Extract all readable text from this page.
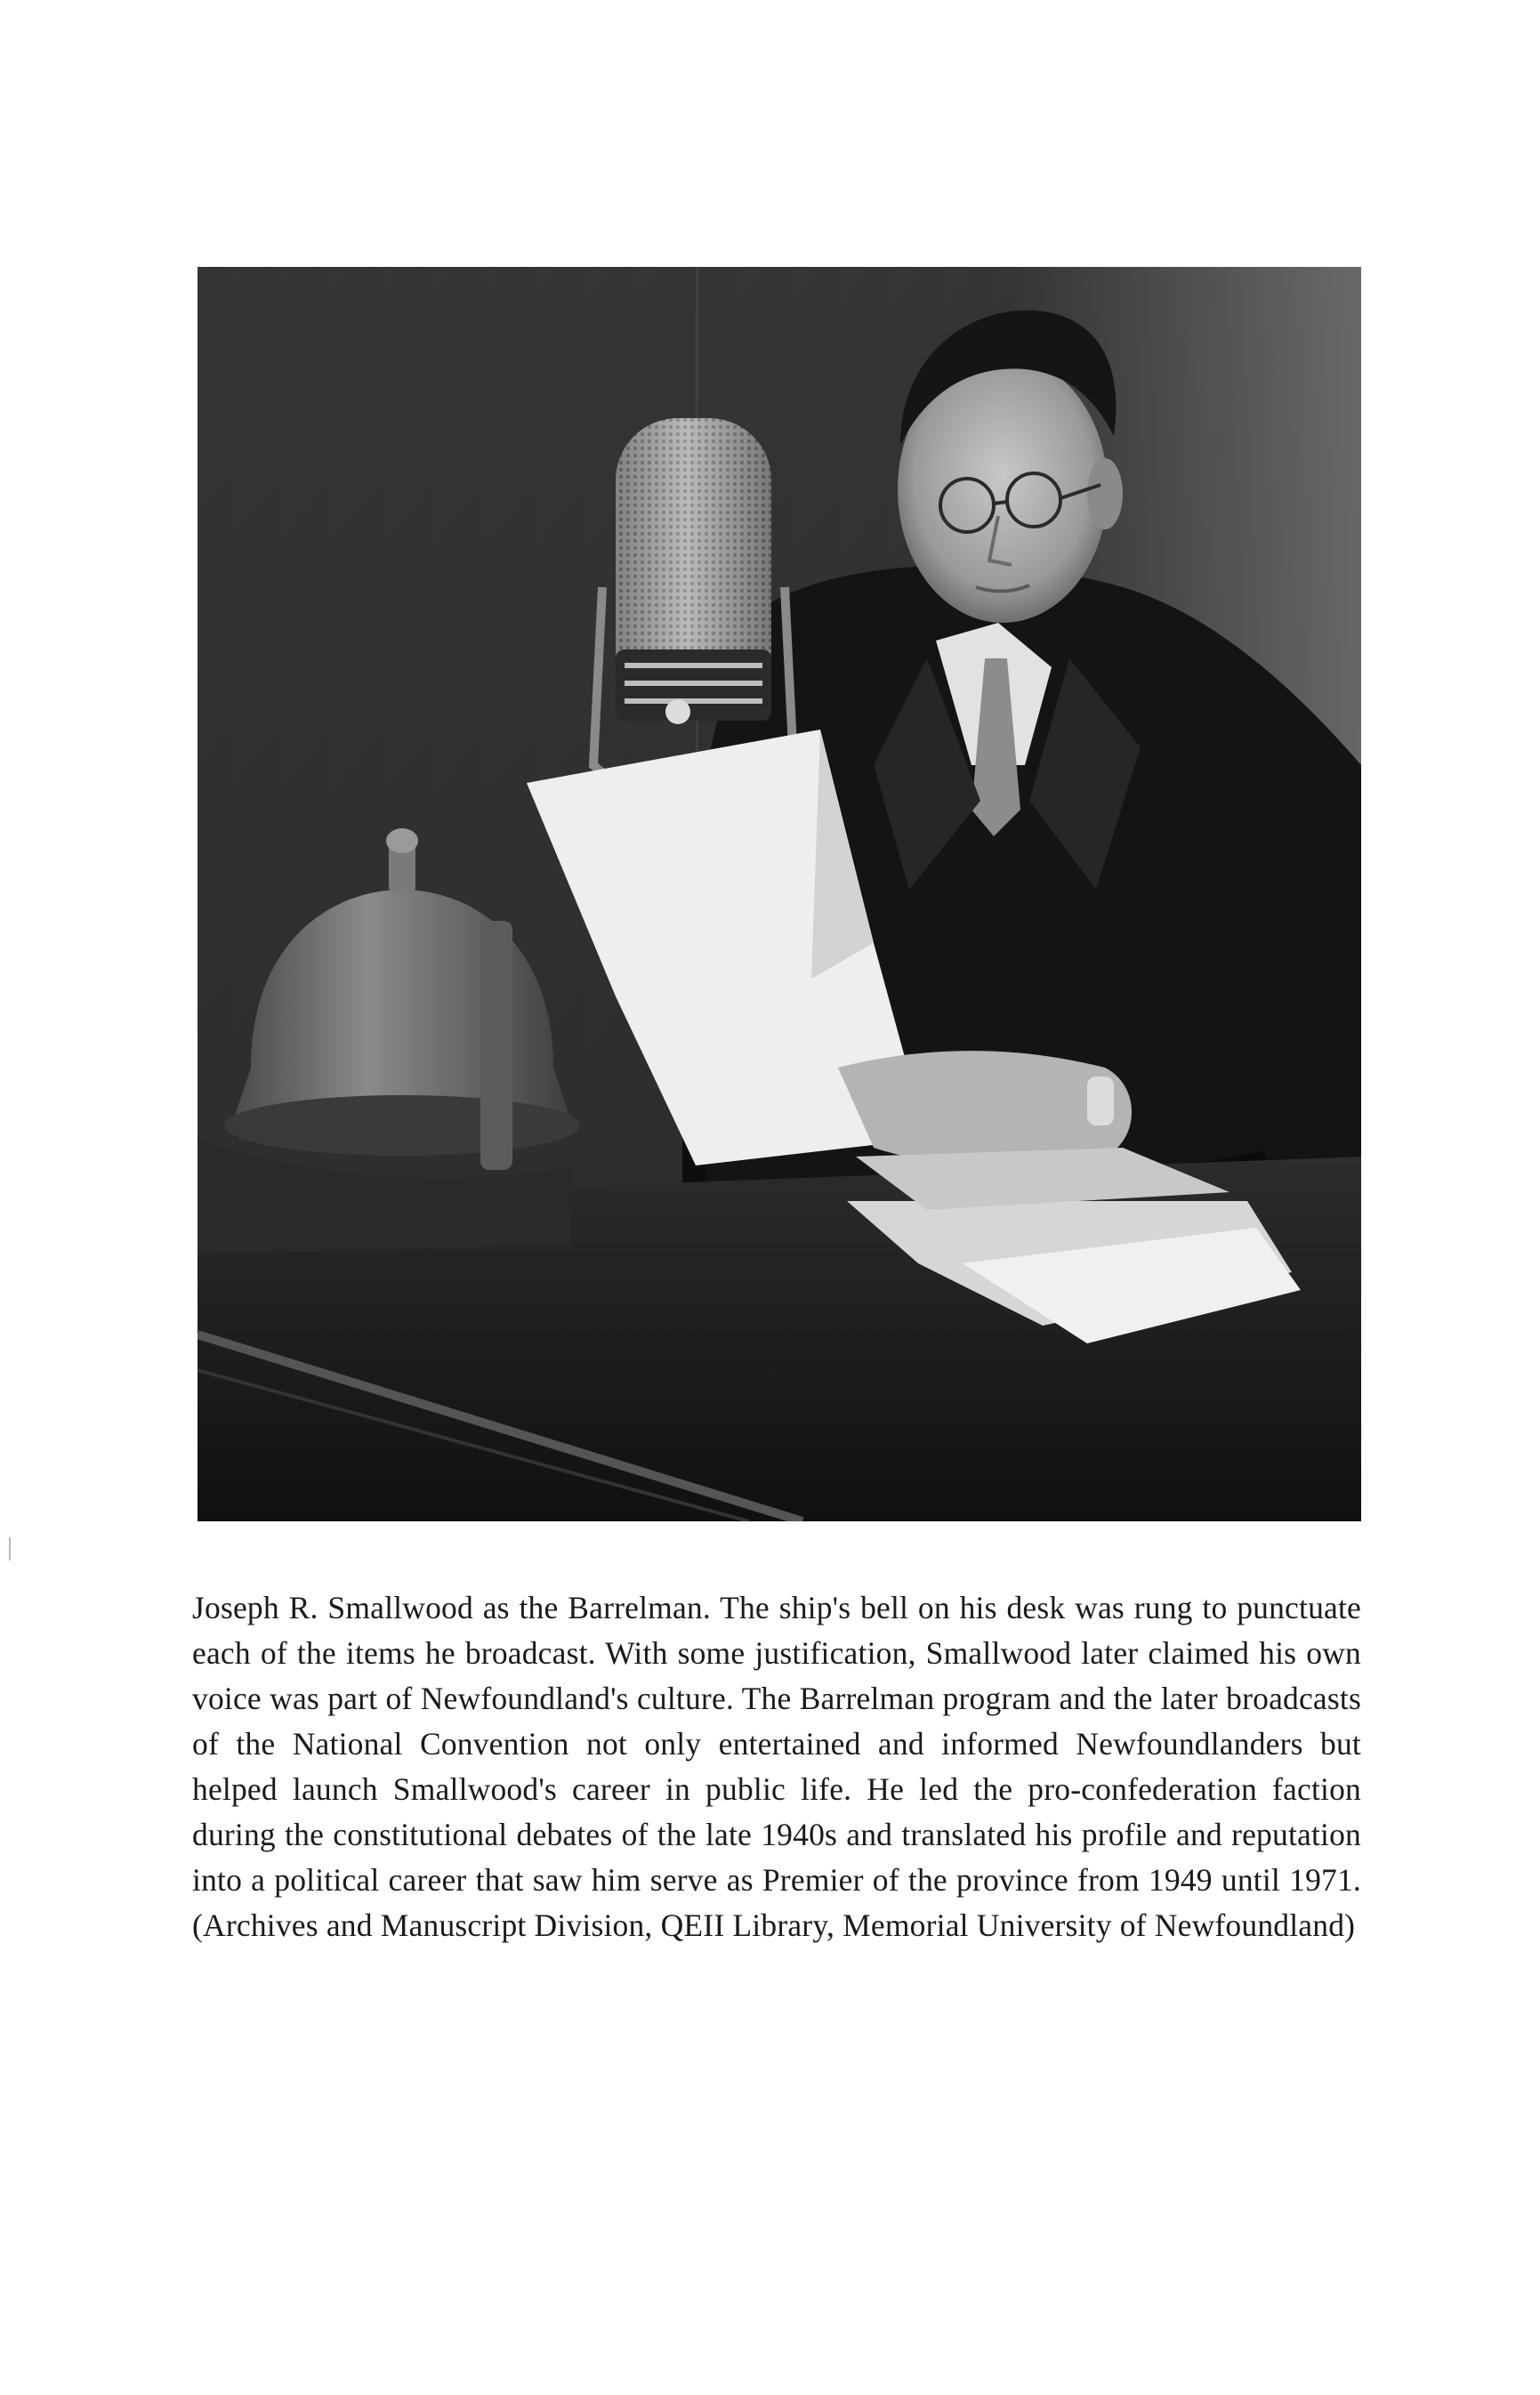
Joseph R. Smallwood as the Barrelman. The ship's bell on his desk was rung to punctuate each of the items he broadcast. With some justification, Smallwood later claimed his own voice was part of Newfoundland's culture. The Barrelman program and the later broadcasts of the National Convention not only entertained and informed Newfoundlanders but helped launch Smallwood's career in public life. He led the pro-confederation faction during the constitutional debates of the late 1940s and translated his profile and reputation into a political career that saw him serve as Premier of the province from 1949 until 1971. (Archives and Manuscript Division, QEII Library, Memorial University of Newfoundland)
